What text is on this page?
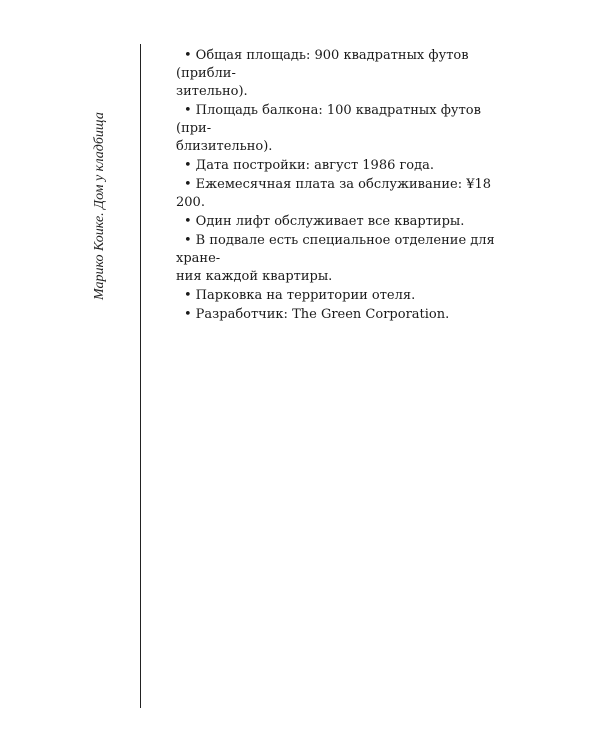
Марико Коике. Дом у кладбища
• Общая площадь: 900 квадратных футов (прибли-
зительно).
• Площадь балкона: 100 квадратных футов (при-
близительно).
• Дата постройки: август 1986 года.
• Ежемесячная плата за обслуживание: ¥18 200.
• Один лифт обслуживает все квартиры.
• В подвале есть специальное отделение для хране-
ния каждой квартиры.
• Парковка на территории отеля.
• Разработчик: The Green Corporation.
